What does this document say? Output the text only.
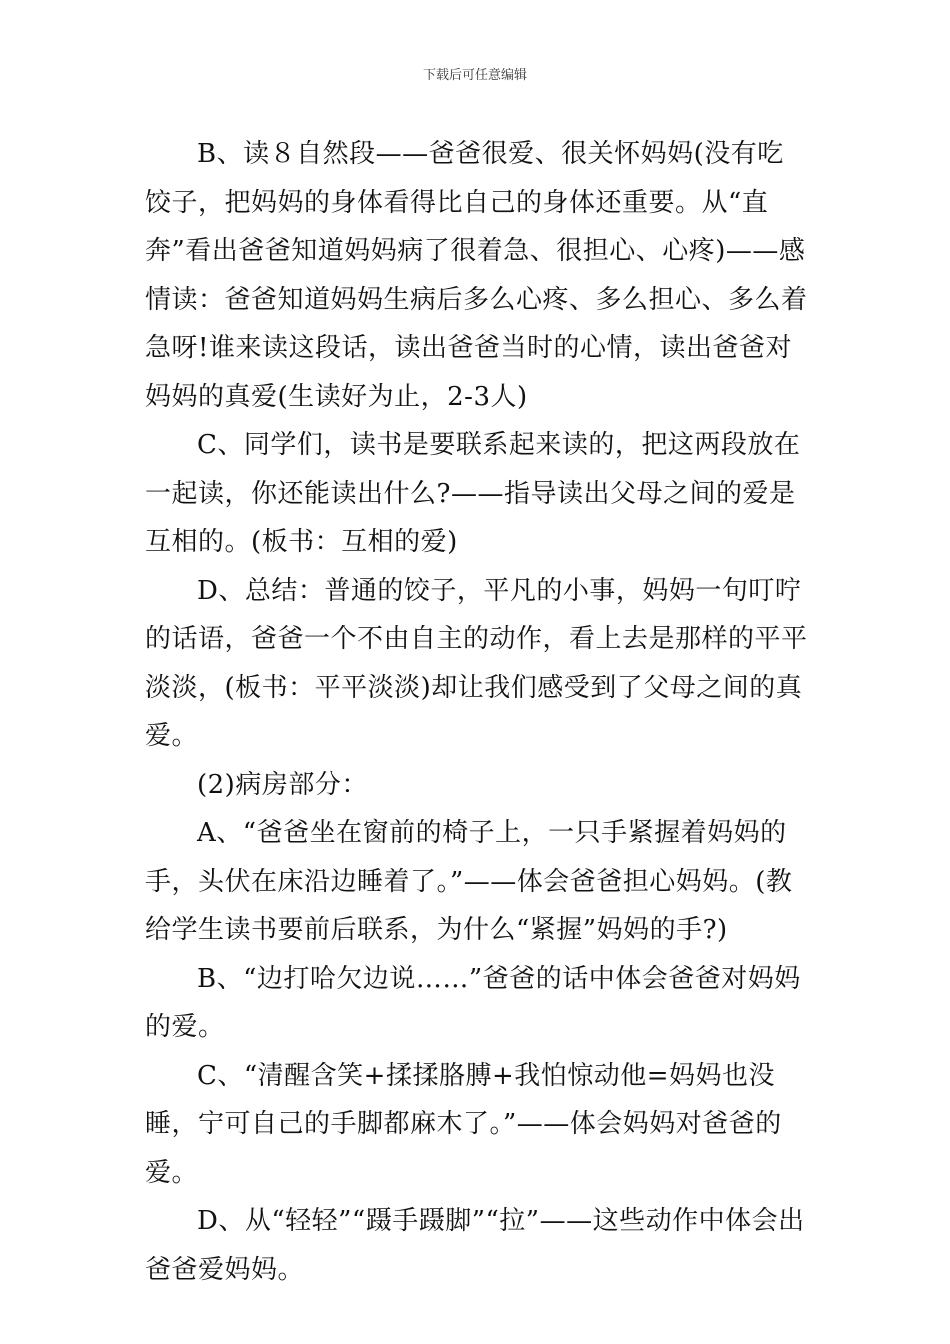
下载后可任意编辑

B、读８自然段——爸爸很爱、很关怀妈妈(没有吃饺子，把妈妈的身体看得比自己的身体还重要。从“直奔”看出爸爸知道妈妈病了很着急、很担心、心疼)——感情读：爸爸知道妈妈生病后多么心疼、多么担心、多么着急呀!谁来读这段话，读出爸爸当时的心情，读出爸爸对妈妈的真爱(生读好为止，2-3人)

C、同学们，读书是要联系起来读的，把这两段放在一起读，你还能读出什么?——指导读出父母之间的爱是互相的。(板书：互相的爱)

D、总结：普通的饺子，平凡的小事，妈妈一句叮咛的话语，爸爸一个不由自主的动作，看上去是那样的平平淡淡，(板书：平平淡淡)却让我们感受到了父母之间的真爱。

(2)病房部分：

A、“爸爸坐在窗前的椅子上，一只手紧握着妈妈的手，头伏在床沿边睡着了。”——体会爸爸担心妈妈。(教给学生读书要前后联系，为什么“紧握”妈妈的手?)

B、“边打哈欠边说……”爸爸的话中体会爸爸对妈妈的爱。

C、“清醒含笑+揉揉胳膊+我怕惊动他=妈妈也没睡，宁可自己的手脚都麻木了。”——体会妈妈对爸爸的爱。

D、从“轻轻”“蹑手蹑脚”“拉”——这些动作中体会出爸爸爱妈妈。
